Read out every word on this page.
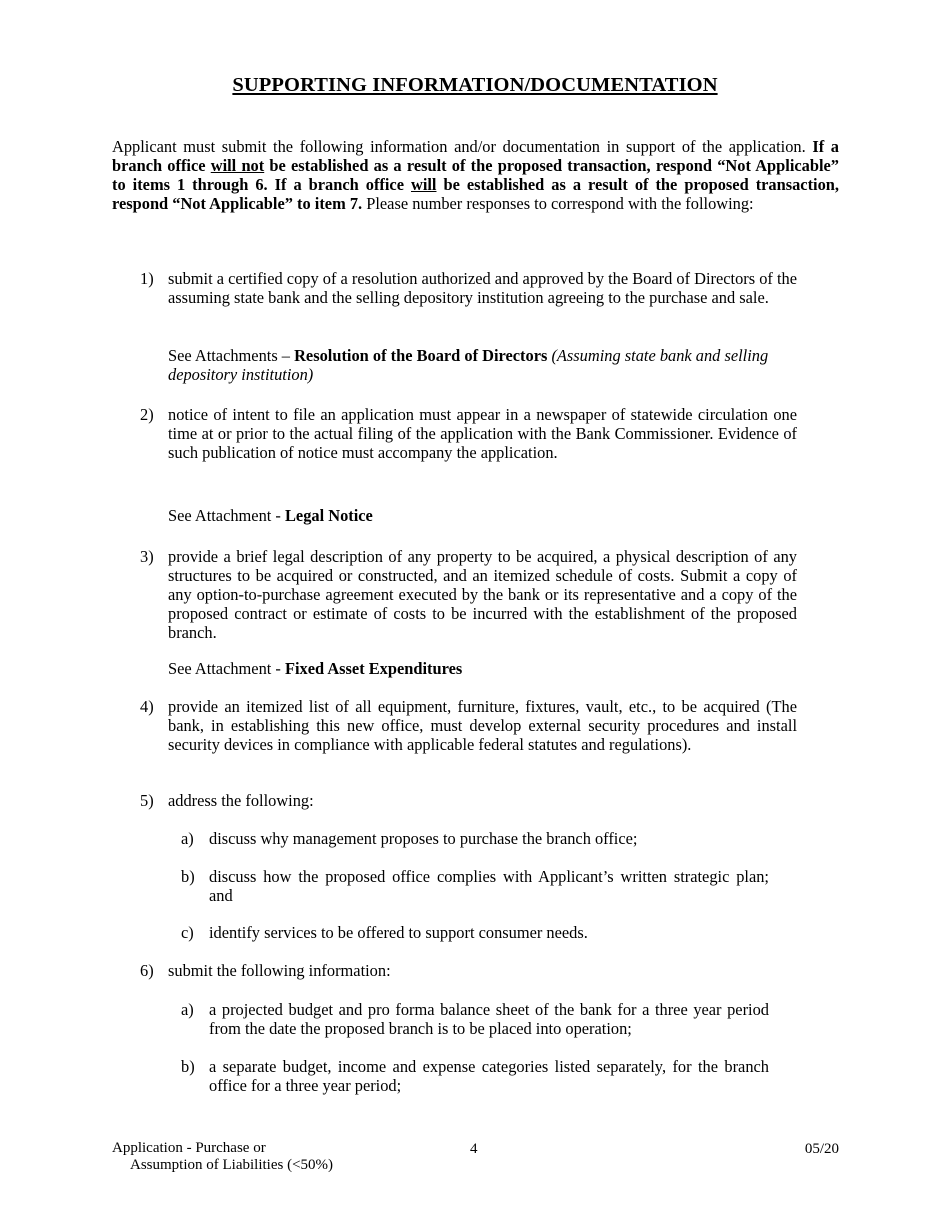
SUPPORTING INFORMATION/DOCUMENTATION
Applicant must submit the following information and/or documentation in support of the application. If a branch office will not be established as a result of the proposed transaction, respond “Not Applicable” to items 1 through 6. If a branch office will be established as a result of the proposed transaction, respond “Not Applicable” to item 7. Please number responses to correspond with the following:
1) submit a certified copy of a resolution authorized and approved by the Board of Directors of the assuming state bank and the selling depository institution agreeing to the purchase and sale.
See Attachments – Resolution of the Board of Directors (Assuming state bank and selling depository institution)
2) notice of intent to file an application must appear in a newspaper of statewide circulation one time at or prior to the actual filing of the application with the Bank Commissioner. Evidence of such publication of notice must accompany the application.
See Attachment - Legal Notice
3) provide a brief legal description of any property to be acquired, a physical description of any structures to be acquired or constructed, and an itemized schedule of costs. Submit a copy of any option-to-purchase agreement executed by the bank or its representative and a copy of the proposed contract or estimate of costs to be incurred with the establishment of the proposed branch.
See Attachment - Fixed Asset Expenditures
4) provide an itemized list of all equipment, furniture, fixtures, vault, etc., to be acquired (The bank, in establishing this new office, must develop external security procedures and install security devices in compliance with applicable federal statutes and regulations).
5) address the following:
a) discuss why management proposes to purchase the branch office;
b) discuss how the proposed office complies with Applicant’s written strategic plan; and
c) identify services to be offered to support consumer needs.
6) submit the following information:
a) a projected budget and pro forma balance sheet of the bank for a three year period from the date the proposed branch is to be placed into operation;
b) a separate budget, income and expense categories listed separately, for the branch office for a three year period;
Application - Purchase or
Assumption of Liabilities (<50%)
4	05/20
